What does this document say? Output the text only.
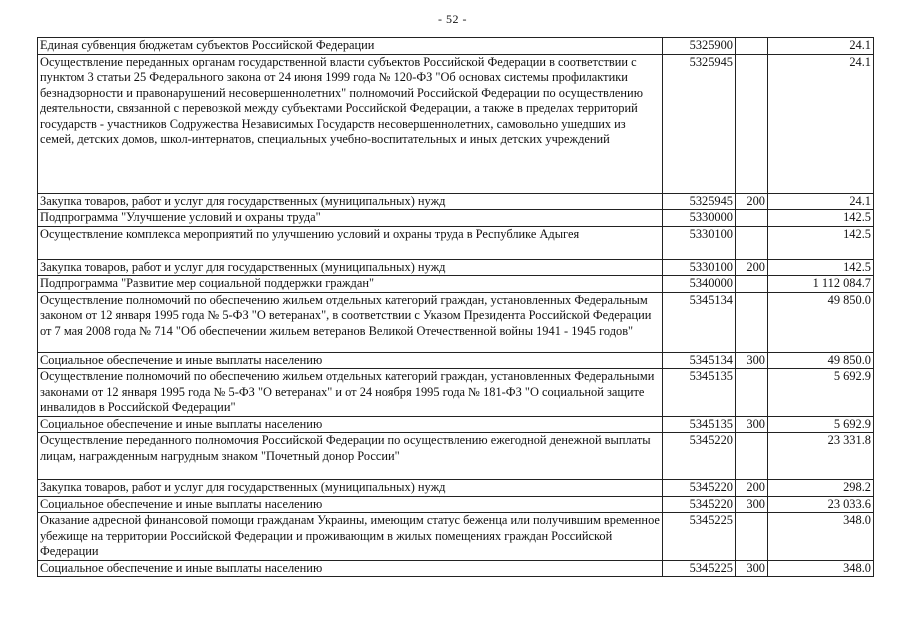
- 52 -
Единая субвенция бюджетам субъектов Российской Федерации	5325900		24.1
Осуществление переданных органам государственной власти субъектов Российской Федерации в соответствии с пунктом 3 статьи 25 Федерального закона от 24 июня 1999 года № 120-ФЗ "Об основах системы профилактики безнадзорности и правонарушений несовершеннолетних" полномочий Российской Федерации по осуществлению деятельности, связанной с перевозкой между субъектами Российской Федерации, а также в пределах территорий государств - участников Содружества Независимых Государств несовершеннолетних, самовольно ушедших из семей, детских домов, школ-интернатов, специальных учебно-воспитательных и иных детских учреждений	5325945		24.1
Закупка товаров, работ и услуг для государственных (муниципальных) нужд	5325945	200	24.1
Подпрограмма "Улучшение условий и охраны труда"	5330000		142.5
Осуществление комплекса мероприятий по улучшению условий и охраны труда в Республике Адыгея	5330100		142.5
Закупка товаров, работ и услуг для государственных (муниципальных) нужд	5330100	200	142.5
Подпрограмма "Развитие мер социальной поддержки граждан"	5340000		1 112 084.7
Осуществление полномочий по обеспечению жильем отдельных категорий граждан, установленных Федеральным законом от 12 января 1995 года № 5-ФЗ "О ветеранах", в соответствии с Указом Президента Российской Федерации от 7 мая 2008 года № 714 "Об обеспечении жильем ветеранов Великой Отечественной войны 1941 - 1945 годов"	5345134		49 850.0
Социальное обеспечение и иные выплаты населению	5345134	300	49 850.0
Осуществление полномочий по обеспечению жильем отдельных категорий граждан, установленных Федеральными законами от 12 января 1995 года № 5-ФЗ "О ветеранах" и от 24 ноября 1995 года № 181-ФЗ "О социальной защите инвалидов в Российской Федерации"	5345135		5 692.9
Социальное обеспечение и иные выплаты населению	5345135	300	5 692.9
Осуществление переданного полномочия Российской Федерации по осуществлению ежегодной денежной выплаты лицам, награжденным нагрудным знаком "Почетный донор России"	5345220		23 331.8
Закупка товаров, работ и услуг для государственных (муниципальных) нужд	5345220	200	298.2
Социальное обеспечение и иные выплаты населению	5345220	300	23 033.6
Оказание адресной финансовой помощи гражданам Украины, имеющим статус беженца или получившим временное убежище на территории Российской Федерации и проживающим в жилых помещениях граждан Российской Федерации	5345225		348.0
Социальное обеспечение и иные выплаты населению	5345225	300	348.0
